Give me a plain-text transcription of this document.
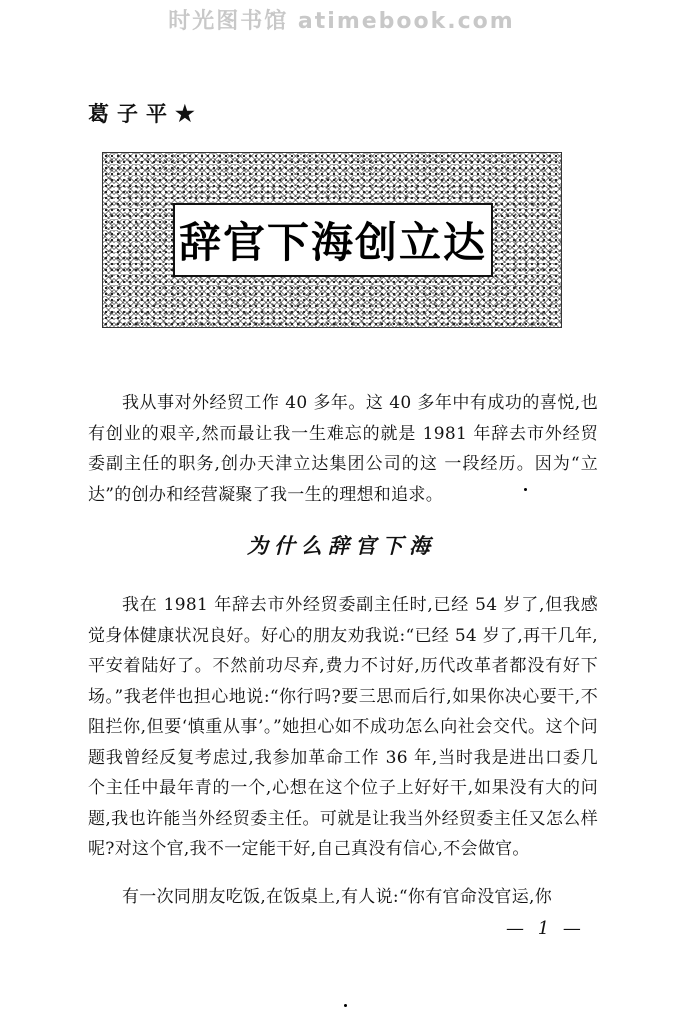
时光图书馆 atimebook.com
葛子平★
辞官下海创立达

我从事对外经贸工作 40 多年。这 40 多年中有成功的喜悦,也有创业的艰辛,然而最让我一生难忘的就是 1981 年辞去市外经贸委副主任的职务,创办天津立达集团公司的这 一段经历。因为“立达”的创办和经营凝聚了我一生的理想和追求。

为什么辞官下海

我在 1981 年辞去市外经贸委副主任时,已经 54 岁了,但我感觉身体健康状况良好。好心的朋友劝我说:“已经 54 岁了,再干几年,平安着陆好了。不然前功尽弃,费力不讨好,历代改革者都没有好下场。”我老伴也担心地说:“你行吗?要三思而后行,如果你决心要干,不阻拦你,但要‘慎重从事’。”她担心如不成功怎么向社会交代。这个问题我曾经反复考虑过,我参加革命工作 36 年,当时我是进出口委几个主任中最年青的一个,心想在这个位子上好好干,如果没有大的问题,我也许能当外经贸委主任。可就是让我当外经贸委主任又怎么样呢?对这个官,我不一定能干好,自己真没有信心,不会做官。

有一次同朋友吃饭,在饭桌上,有人说:“你有官命没官运,你

— 1 —
